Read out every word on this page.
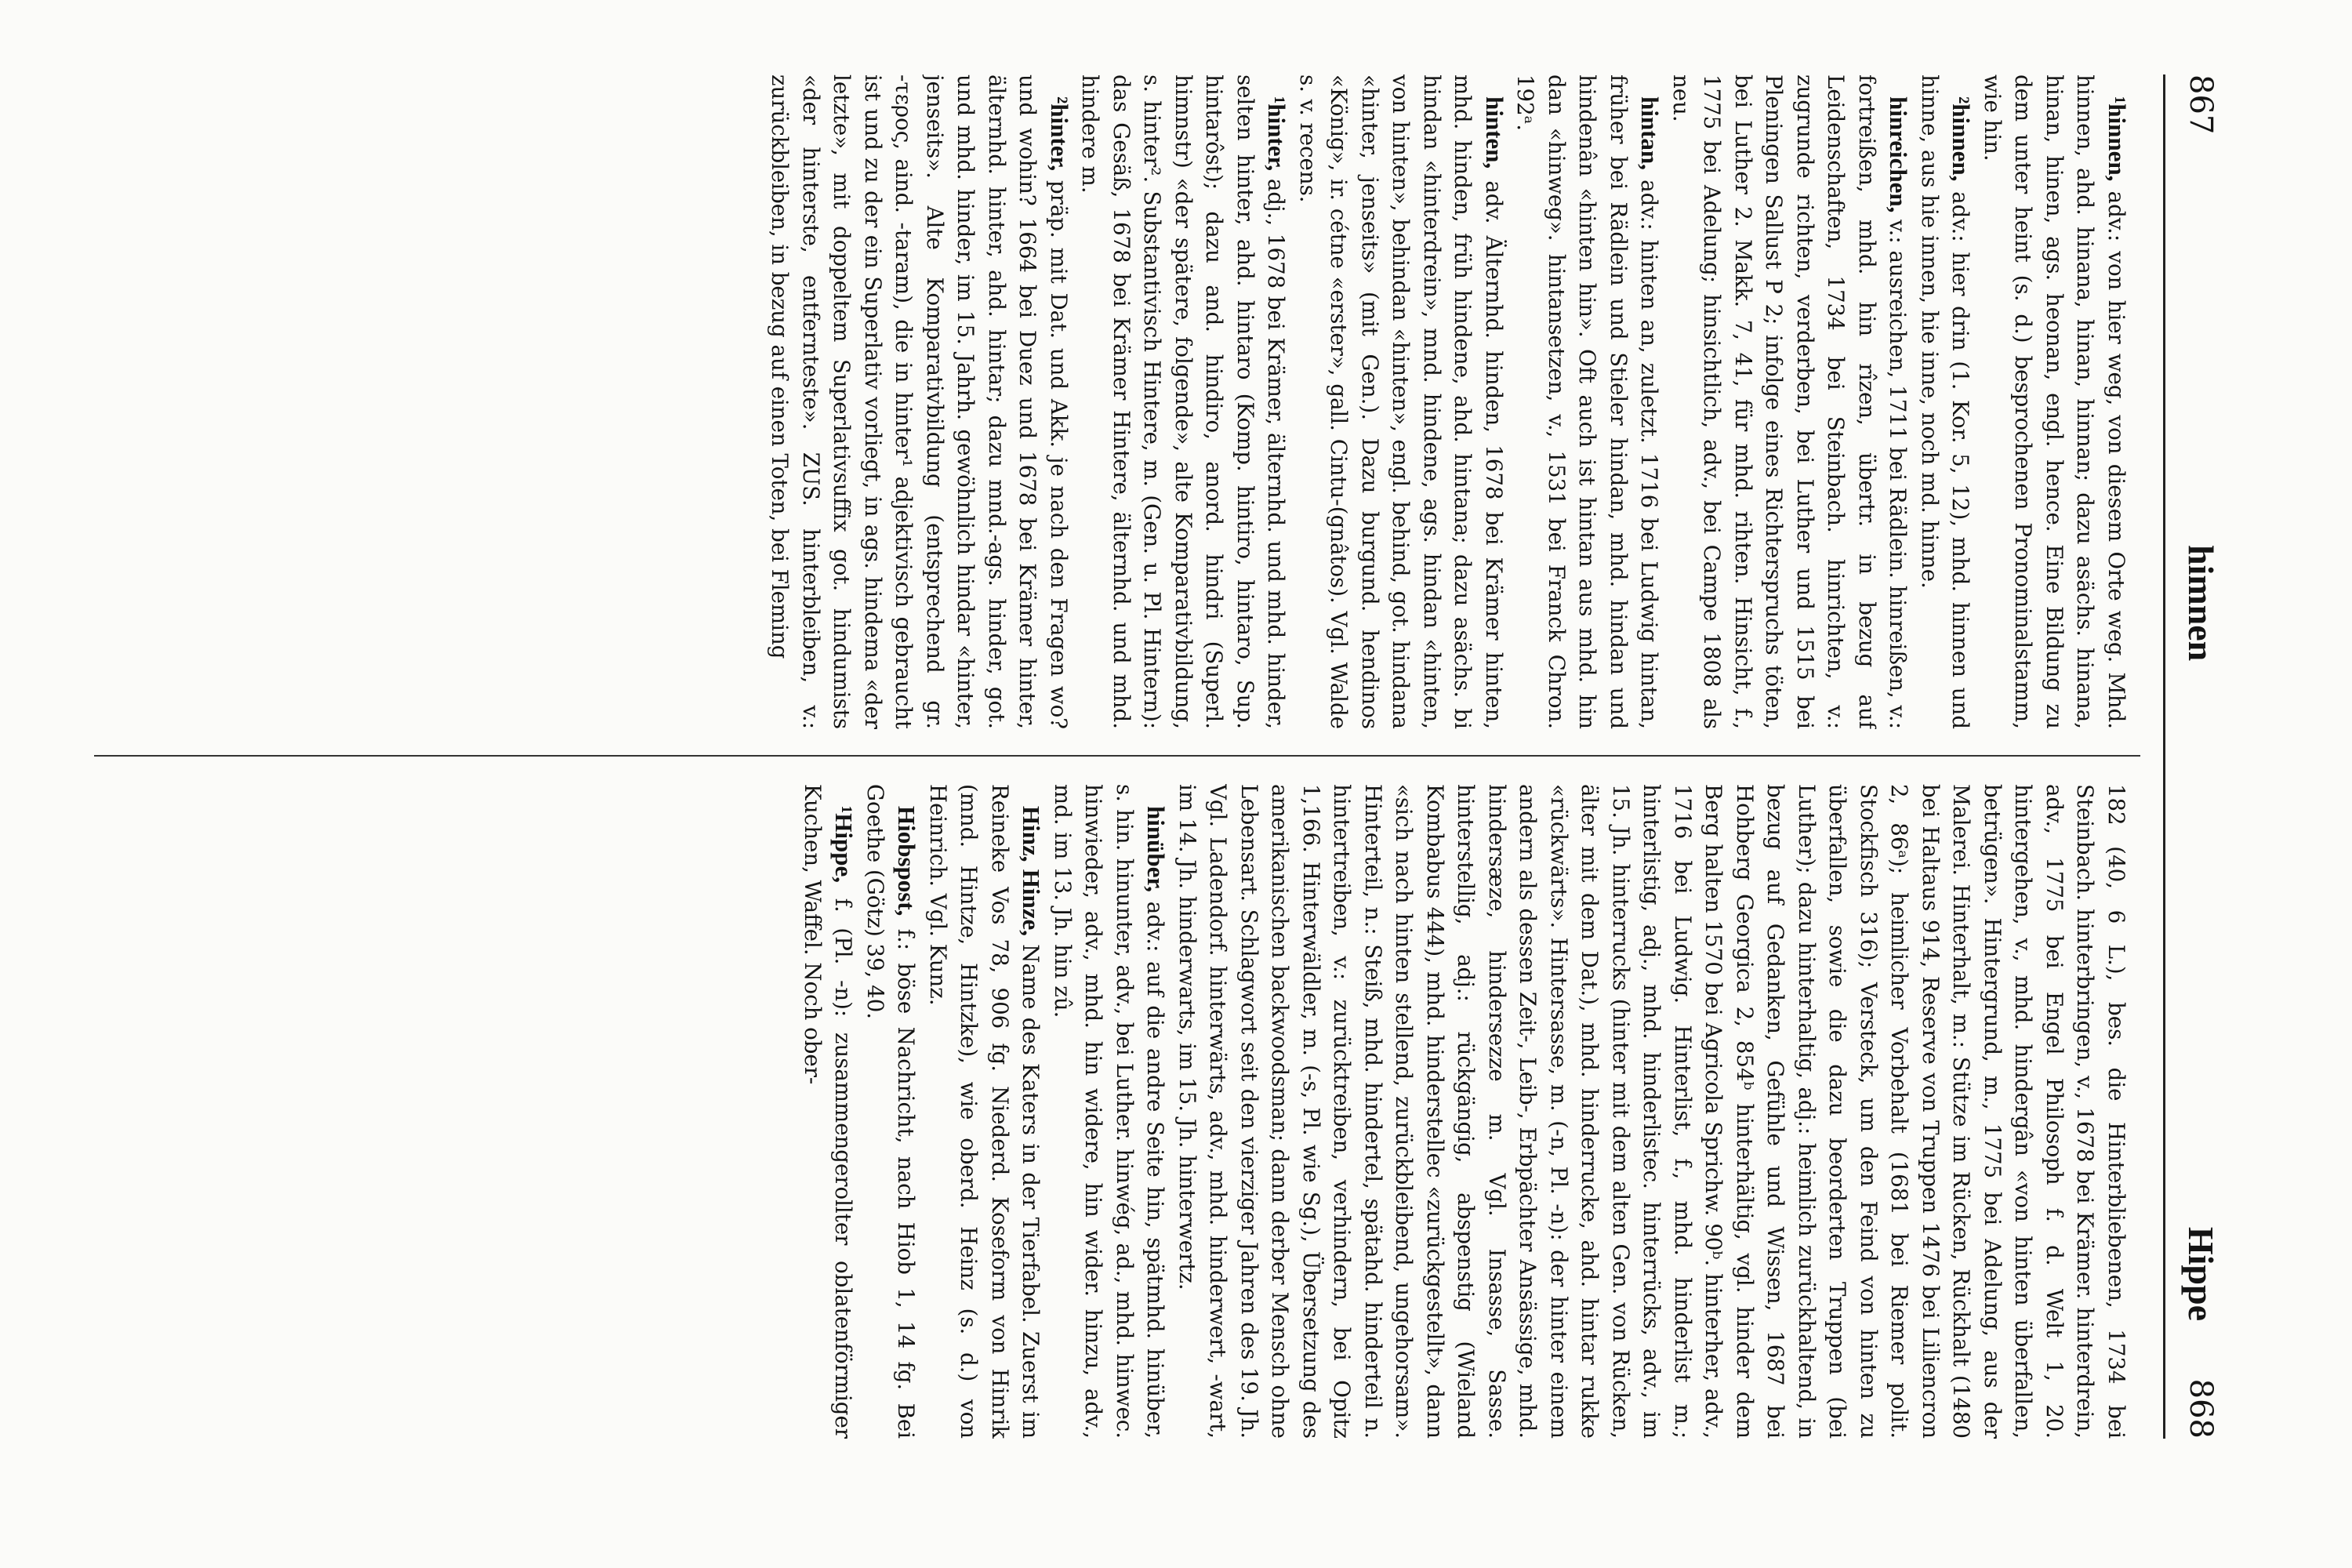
867
himnen
Hippe
868

¹hinnen, adv.: von hier weg, von diesem Orte weg. Mhd. hinnen, ahd. hinana, hinan, hinnan; dazu asächs. hinana, hinan, hinen, ags. heonan, engl. hence. Eine Bildung zu dem unter heint (s. d.) besprochenen Pronominalstamm, wie hin.

²hinnen, adv.: hier drin (1. Kor. 5, 12), mhd. hinnen und hinne, aus hie innen, hie inne, noch md. hinne.

hinreichen, v.: ausreichen, 1711 bei Rädlein. hinreißen, v.: fortreißen, mhd. hin rîzen, übertr. in bezug auf Leidenschaften, 1734 bei Steinbach. hinrichten, v.: zugrunde richten, verderben, bei Luther und 1515 bei Pleningen Sallust P 2; infolge eines Richterspruchs töten, bei Luther 2. Makk. 7, 41, für mhd. rihten. Hinsicht, f., 1775 bei Adelung; hinsichtlich, adv., bei Campe 1808 als neu.

hintan, adv.: hinten an, zuletzt. 1716 bei Ludwig hintan, früher bei Rädlein und Stieler hindan, mhd. hindan und hindenân «hinten hin». Oft auch ist hintan aus mhd. hin dan «hinweg». hintansetzen, v., 1531 bei Franck Chron. 192ᵃ.

hinten, adv. Älternhd. hinden, 1678 bei Krämer hinten, mhd. hinden, früh hindene, ahd. hintana; dazu asächs. bi hindan «hinterdrein», mnd. hindene, ags. hindan «hinten, von hinten», behindan «hinten», engl. behind, got. hindana «hinter, jenseits» (mit Gen.). Dazu burgund. hendinos «König», ir. cétne «erster», gall. Cintu-(gnâtos). Vgl. Walde s. v. recens.

¹hinter, adj., 1678 bei Krämer, älternhd. und mhd. hinder, selten hinter, ahd. hintaro (Komp. hintiro, hintaro, Sup. hintarôst); dazu and. hindiro, anord. hindri (Superl. himnstr) «der spätere, folgende», alte Komparativbildung, s. hinter². Substantivisch Hintere, m. (Gen. u. Pl. Hintern): das Gesäß, 1678 bei Krämer Hintere, älternhd. und mhd. hindere m.

²hinter, präp. mit Dat. und Akk. je nach den Fragen wo? und wohin? 1664 bei Duez und 1678 bei Krämer hinter, älternhd. hinter, ahd. hintar; dazu mnd.-ags. hinder, got. und mhd. hinder, im 15. Jahrh. gewöhnlich hindar «hinter, jenseits». Alte Komparativbildung (entsprechend gr. -τερος, aind. -taram), die in hinter¹ adjektivisch gebraucht ist und zu der ein Superlativ vorliegt, in ags. hindema «der letzte», mit doppeltem Superlativsuffix got. hindumists «der hinterste, entfernteste». ZUS. hinterbleiben, v.: zurückbleiben, in bezug auf einen Toten, bei Fleming

182 (40, 6 L.), bes. die Hinterbliebenen, 1734 bei Steinbach. hinterbringen, v., 1678 bei Krämer. hinterdrein, adv., 1775 bei Engel Philosoph f. d. Welt 1, 20. hintergehen, v., mhd. hindergân «von hinten überfallen, betrügen». Hintergrund, m., 1775 bei Adelung, aus der Malerei. Hinterhalt, m.: Stütze im Rücken, Rückhalt (1480 bei Haltaus 914, Reserve von Truppen 1476 bei Liliencron 2, 86ᵃ); heimlicher Vorbehalt (1681 bei Riemer polit. Stockfisch 316); Versteck, um den Feind von hinten zu überfallen, sowie die dazu beorderten Truppen (bei Luther); dazu hinterhaltig, adj.: heimlich zurückhaltend, in bezug auf Gedanken, Gefühle und Wissen, 1687 bei Hohberg Georgica 2, 854ᵇ hinterhältig, vgl. hinder dem Berg halten 1570 bei Agricola Sprichw. 90ᵇ. hinterher, adv., 1716 bei Ludwig. Hinterlist, f., mhd. hinderlist m.; hinterlistig, adj., mhd. hinderlistec. hinterrücks, adv., im 15. Jh. hinterrucks (hinter mit dem alten Gen. von Rücken, älter mit dem Dat.), mhd. hinderrucke, ahd. hintar rukke «rückwärts». Hintersasse, m. (-n, Pl. -n): der hinter einem andern als dessen Zeit-, Leib-, Erbpächter Ansässige, mhd. hindersæze, hindersezze m. Vgl. Insasse, Sasse. hinterstellig, adj.: rückgängig, abspenstig (Wieland Kombabus 444), mhd. hinderstellec «zurückgestellt», dann «sich nach hinten stellend, zurückbleibend, ungehorsam». Hinterteil, n.: Steiß, mhd. hindertel, spätahd. hinderteil n. hintertreiben, v.: zurücktreiben, verhindern, bei Opitz 1,166. Hinterwäldler, m. (-s, Pl. wie Sg.), Übersetzung des amerikanischen backwoodsman; dann derber Mensch ohne Lebensart. Schlagwort seit den vierziger Jahren des 19. Jh. Vgl. Ladendorf. hinterwärts, adv., mhd. hinderwert, -wart, im 14. Jh. hinderwarts, im 15. Jh. hinterwertz.

hinüber, adv.: auf die andre Seite hin, spätmhd. hinüber, s. hin. hinunter, adv., bei Luther. hinwég, ad., mhd. hinwec. hinwieder, adv., mhd. hin widere, hin wider. hinzu, adv., md. im 13. Jh. hin zû.

Hinz, Hinze, Name des Katers in der Tierfabel. Zuerst im Reineke Vos 78, 906 fg. Niederd. Koseform von Hinrik (mnd. Hintze, Hintzke), wie oberd. Heinz (s. d.) von Heinrich. Vgl. Kunz.

Hiobspost, f.: böse Nachricht, nach Hiob 1, 14 fg. Bei Goethe (Götz) 39, 40.

¹Hippe, f. (Pl. -n): zusammengerollter oblatenförmiger Kuchen, Waffel. Noch ober-
